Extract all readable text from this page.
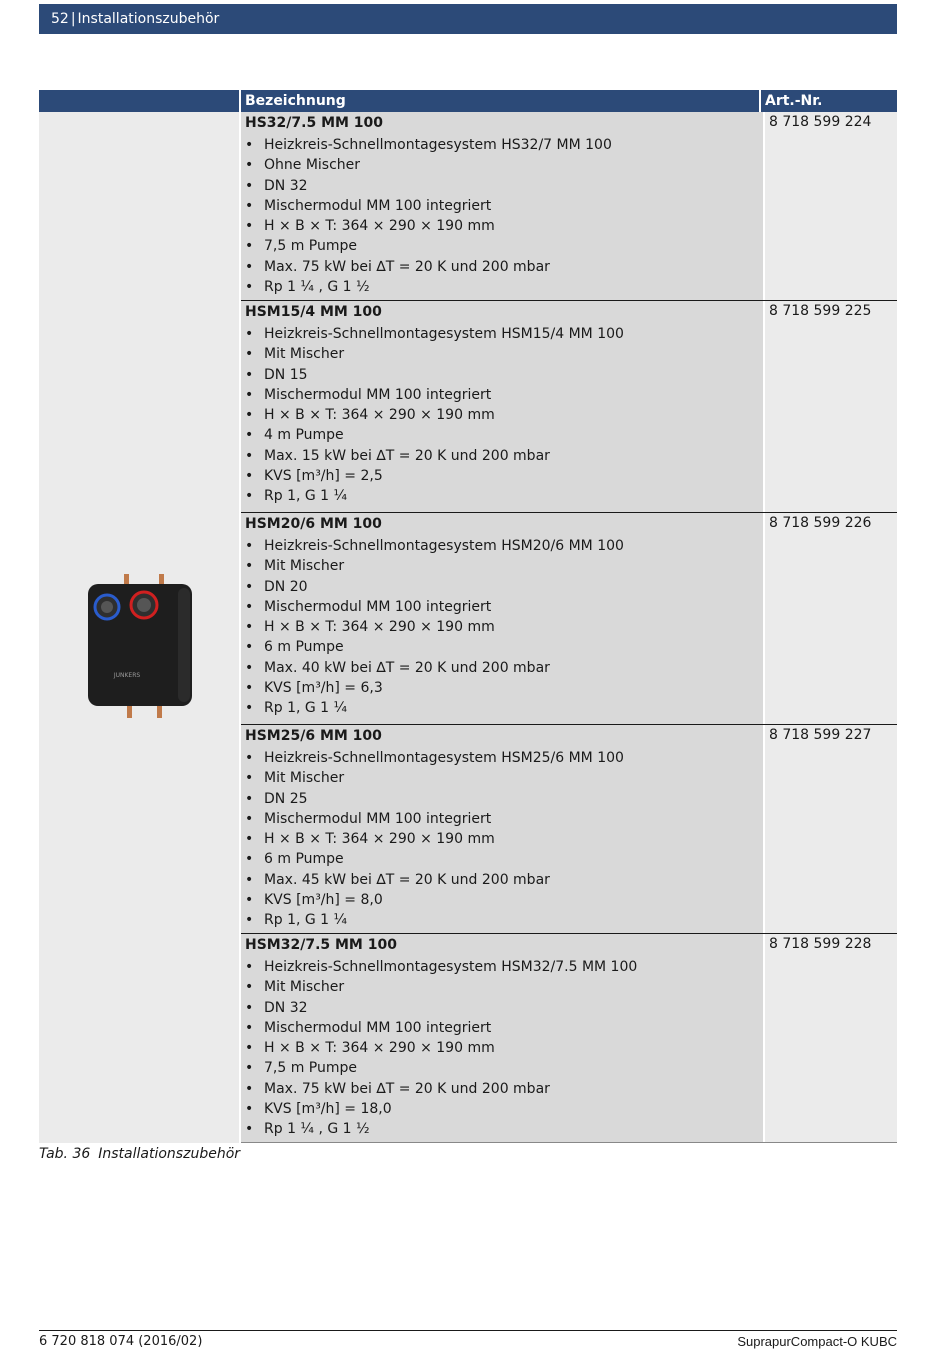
52 | Installationszubehör
Bezeichnung	Art.-Nr.
JUNKERS
HS32/7.5 MM 100
• Heizkreis-Schnellmontagesystem HS32/7 MM 100
• Ohne Mischer
• DN 32
• Mischermodul MM 100 integriert
• H × B × T: 364 × 290 × 190 mm
• 7,5 m Pumpe
• Max. 75 kW bei ∆T = 20 K und 200 mbar
• Rp 1 ¼ , G 1 ½
8 718 599 224
HSM15/4 MM 100
• Heizkreis-Schnellmontagesystem HSM15/4 MM 100
• Mit Mischer
• DN 15
• Mischermodul MM 100 integriert
• H × B × T: 364 × 290 × 190 mm
• 4 m Pumpe
• Max. 15 kW bei ∆T = 20 K und 200 mbar
• KVS [m³/h] = 2,5
• Rp 1, G 1 ¼
8 718 599 225
HSM20/6 MM 100
• Heizkreis-Schnellmontagesystem HSM20/6 MM 100
• Mit Mischer
• DN 20
• Mischermodul MM 100 integriert
• H × B × T: 364 × 290 × 190 mm
• 6 m Pumpe
• Max. 40 kW bei ∆T = 20 K und 200 mbar
• KVS [m³/h] = 6,3
• Rp 1, G 1 ¼
8 718 599 226
HSM25/6 MM 100
• Heizkreis-Schnellmontagesystem HSM25/6 MM 100
• Mit Mischer
• DN 25
• Mischermodul MM 100 integriert
• H × B × T: 364 × 290 × 190 mm
• 6 m Pumpe
• Max. 45 kW bei ∆T = 20 K und 200 mbar
• KVS [m³/h] = 8,0
• Rp 1, G 1 ¼
8 718 599 227
HSM32/7.5 MM 100
• Heizkreis-Schnellmontagesystem HSM32/7.5 MM 100
• Mit Mischer
• DN 32
• Mischermodul MM 100 integriert
• H × B × T: 364 × 290 × 190 mm
• 7,5 m Pumpe
• Max. 75 kW bei ∆T = 20 K und 200 mbar
• KVS [m³/h] = 18,0
• Rp 1 ¼ , G 1 ½
8 718 599 228
Tab. 36 Installationszubehör
6 720 818 074 (2016/02)	SuprapurCompact-O KUBC
